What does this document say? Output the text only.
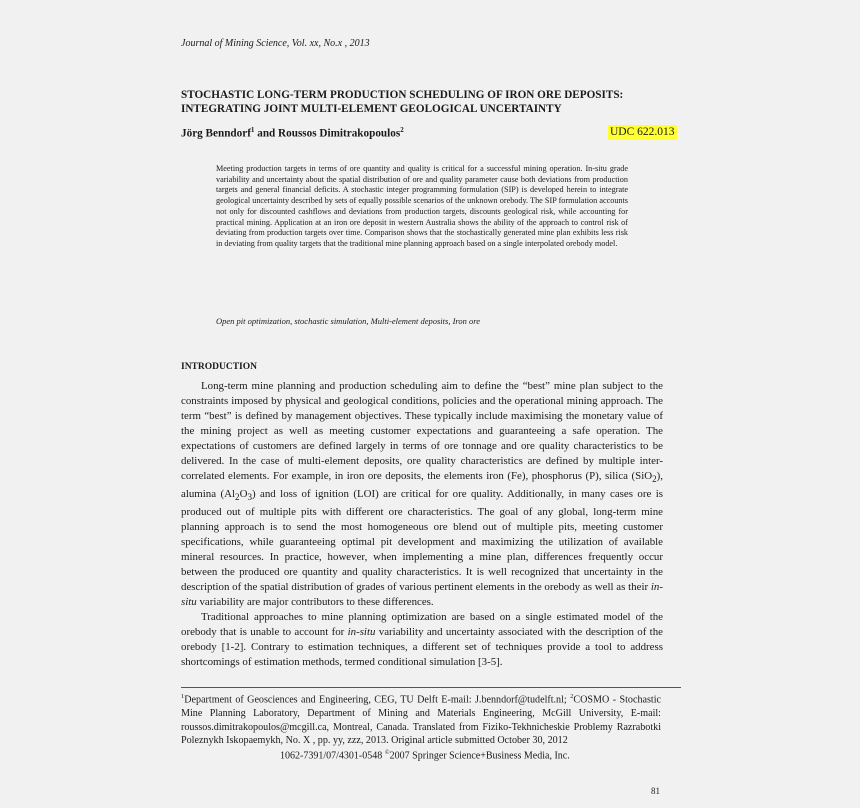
Journal of Mining Science, Vol. xx, No.x , 2013
STOCHASTIC LONG-TERM PRODUCTION SCHEDULING OF IRON ORE DEPOSITS:
INTEGRATING JOINT MULTI-ELEMENT GEOLOGICAL UNCERTAINTY
Jörg Benndorf$^1$ and Roussos Dimitrakopoulos$^2$	UDC 622.013
Meeting production targets in terms of ore quantity and quality is critical for a successful mining operation. In-situ grade variability and uncertainty about the spatial distribution of ore and quality parameter cause both deviations from production targets and general financial deficits. A stochastic integer programming formulation (SIP) is developed herein to integrate geological uncertainty described by sets of equally possible scenarios of the unknown orebody. The SIP formulation accounts not only for discounted cashflows and deviations from production targets, discounts geological risk, while accounting for practical mining. Application at an iron ore deposit in western Australia shows the ability of the approach to control risk of deviating from production targets over time. Comparison shows that the stochastically generated mine plan exhibits less risk in deviating from quality targets that the traditional mine planning approach based on a single interpolated orebody model.
Open pit optimization, stochastic simulation, Multi-element deposits, Iron ore
INTRODUCTION

Long-term mine planning and production scheduling aim to define the “best” mine plan subject to the constraints imposed by physical and geological conditions, policies and the operational mining approach. The term “best” is defined by management objectives. These typically include maximising the monetary value of the mining project as well as meeting customer expectations and guaranteeing a safe operation. The expectations of customers are defined largely in terms of ore tonnage and ore quality characteristics to be delivered. In the case of multi-element deposits, ore quality characteristics are defined by multiple inter-correlated elements. For example, in iron ore deposits, the elements iron (Fe), phosphorus (P), silica (SiO$_2$), alumina $(Al_2O_3)$ and loss of ignition (LOI) are critical for ore quality. Additionally, in many cases ore is produced out of multiple pits with different ore characteristics. The goal of any global, long-term mine planning approach is to send the most homogeneous ore blend out of multiple pits, meeting customer specifications, while guaranteeing optimal pit development and maximizing the utilization of available mineral resources. In practice, however, when implementing a mine plan, differences frequently occur between the produced ore quantity and quality characteristics. It is well recognized that uncertainty in the description of the spatial distribution of grades of various pertinent elements in the orebody as well as their in-situ variability are major contributors to these differences.

Traditional approaches to mine planning optimization are based on a single estimated model of the orebody that is unable to account for in-situ variability and uncertainty associated with the description of the orebody [1-2]. Contrary to estimation techniques, a different set of techniques provide a tool to address shortcomings of estimation methods, termed conditional simulation [3-5].

$^1$Department of Geosciences and Engineering, CEG, TU Delft E-mail: J.benndorf@tudelft.nl; $^2$COSMO - Stochastic Mine Planning Laboratory, Department of Mining and Materials Engineering, McGill University, E-mail: roussos.dimitrakopoulos@mcgill.ca, Montreal, Canada. Translated from Fiziko-Tekhnicheskie Problemy Razrabotki Poleznykh Iskopaemykh, No. X , pp. yy, zzz, 2013. Original article submitted October 30, 2012
1062-7391/07/4301-0548 ©2007 Springer Science+Business Media, Inc.
81
